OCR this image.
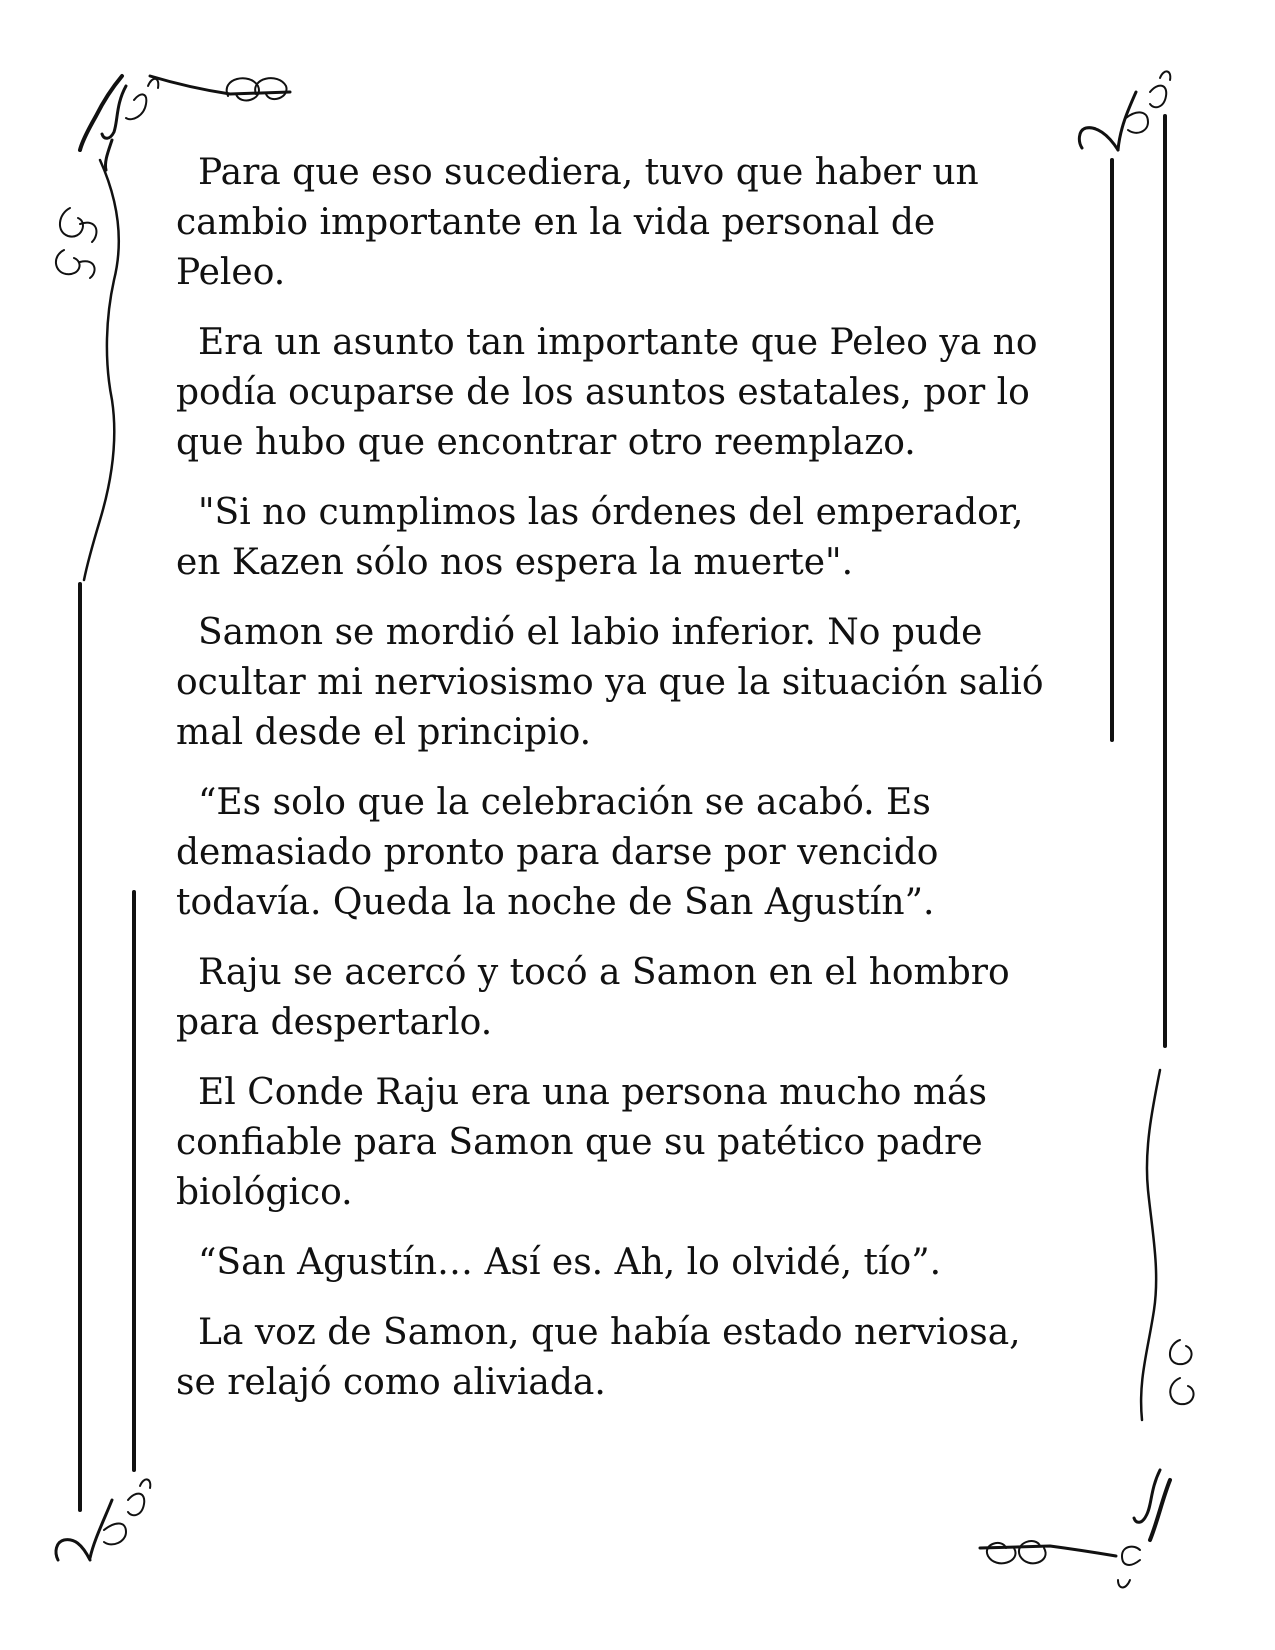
Para que eso sucediera, tuvo que haber un
cambio importante en la vida personal de
Peleo.

Era un asunto tan importante que Peleo ya no
podía ocuparse de los asuntos estatales, por lo
que hubo que encontrar otro reemplazo.

"Si no cumplimos las órdenes del emperador,
en Kazen sólo nos espera la muerte".

Samon se mordió el labio inferior. No pude
ocultar mi nerviosismo ya que la situación salió
mal desde el principio.

“Es solo que la celebración se acabó. Es
demasiado pronto para darse por vencido
todavía. Queda la noche de San Agustín”.

Raju se acercó y tocó a Samon en el hombro
para despertarlo.

El Conde Raju era una persona mucho más
confiable para Samon que su patético padre
biológico.

“San Agustín… Así es. Ah, lo olvidé, tío”.

La voz de Samon, que había estado nerviosa,
se relajó como aliviada.
